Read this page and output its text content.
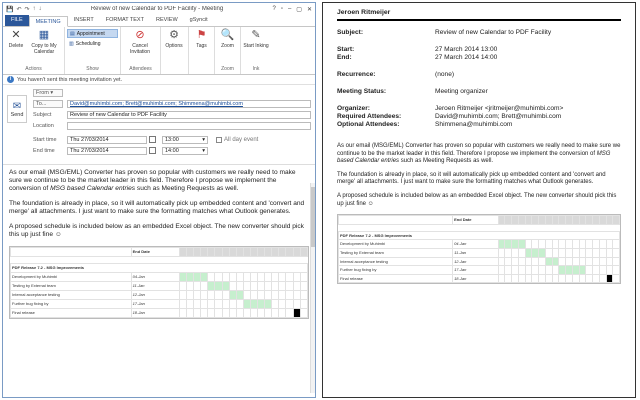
💾 ↶ ↷ ↑ ↓	Review of new Calendar to PDF Facility - Meeting	? ▫ – ▢ ✕
FILE	MEETING	INSERT	FORMAT TEXT	REVIEW	gSyncit
✕
Delete
▦
Copy to My Calendar
Actions
▤ Appointment
▥ Scheduling
Show
⊘
Cancel Invitation
Attendees
⚙
Options
⚑
Tags
🔍
Zoom
Zoom
✎
Start Inking
Ink
i	You haven't sent this meeting invitation yet.
✉
Send
From ▾
To...	David@muhimbi.com; Brett@muhimbi.com; Shimmena@muhimbi.com
Subject	Review of new Calendar to PDF Facility
Location
Start time	Thu 27/03/2014	13:00	▾	All day event
End time	Thu 27/03/2014	14:00	▾

As our email (MSG/EML) Converter has proven so popular with customers we really need to make sure we continue to be the market leader in this field. Therefore I propose we implement the conversion of MSG based Calendar entries such as Meeting Requests as well.

The foundation is already in place, so it will automatically pick up embedded content and 'convert and merge' all attachments. I just want to make sure the formatting matches what Outlook generates.

A proposed schedule is included below as an embedded Excel object. The new converter should pick this up just fine ☺

	End Date																		

PDF Release 7.2 - MSG Improvements																			
Development by Muhimbi	04-Jan																		
Testing by External team	11-Jan																		
Internal acceptance testing	12-Jan																		
Further bug fixing by	17-Jan																		
Final release	18-Jan																		
Jeroen Ritmeijer
Subject:	Review of new Calendar to PDF Facility
Start:	27 March 2014 13:00
End:	27 March 2014 14:00
Recurrence:	(none)
Meeting Status:	Meeting organizer
Organizer:	Jeroen Ritmeijer <jritmeijer@muhimbi.com>
Required Attendees:	David@muhimbi.com; Brett@muhimbi.com
Optional Attendees:	Shimmena@muhimbi.com

As our email (MSG/EML) Converter has proven so popular with customers we really need to make sure we continue to be the market leader in this field. Therefore I propose we implement the conversion of MSG based Calendar entries such as Meeting Requests as well.

The foundation is already in place, so it will automatically pick up embedded content and 'convert and merge' all attachments. I just want to make sure the formatting matches what Outlook generates.

A proposed schedule is included below as an embedded Excel object. The new converter should pick this up just fine ☺

	End Date																		

PDF Release 7.2 - MSG Improvements																			
Development by Muhimbi	04-Jan																		
Testing by External team	11-Jan																		
Internal acceptance testing	12-Jan																		
Further bug fixing by	17-Jan																		
Final release	18-Jan																		
